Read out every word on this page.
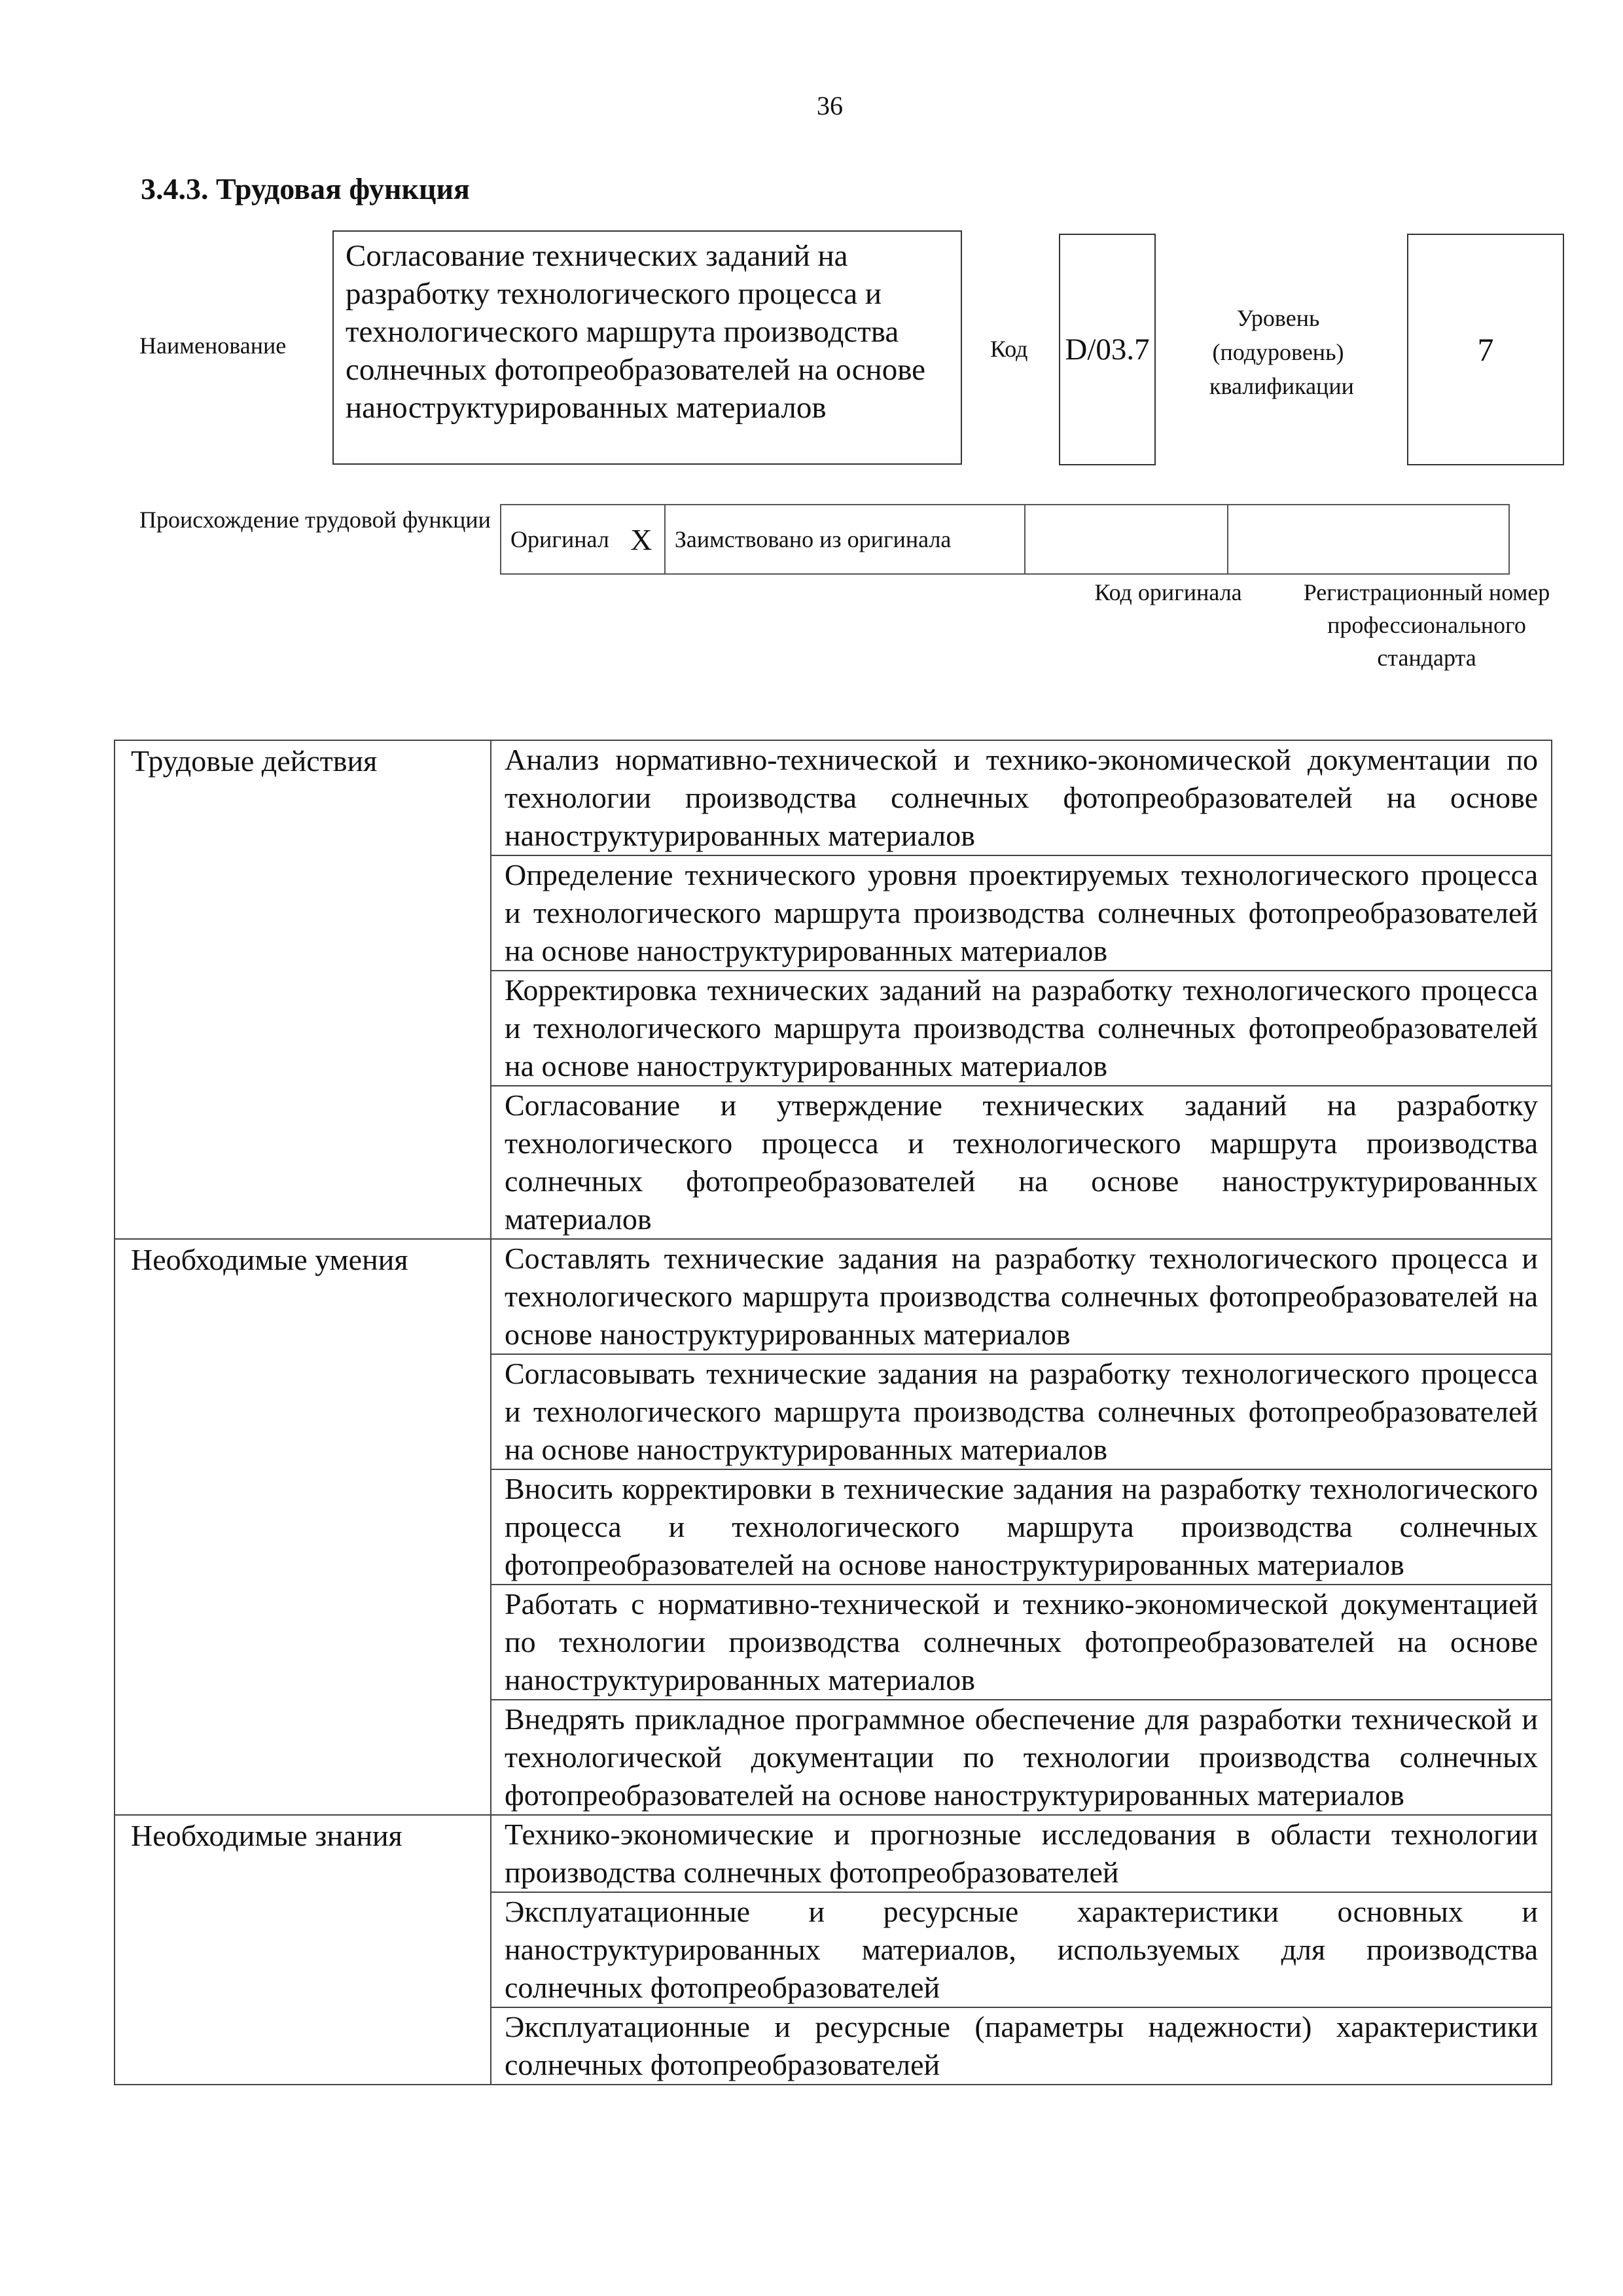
36
3.4.3. Трудовая функция
Наименование
Согласование технических заданий на разработку технологического процесса и технологического маршрута производства солнечных фотопреобразователей на основе наноструктурированных материалов
Код D/03.7
Уровень (подуровень) квалификации
7
Происхождение трудовой функции
Оригинал	X	Заимствовано из оригинала		
Код оригинала	Регистрационный номер профессионального стандарта
Трудовые действия	Анализ нормативно-технической и технико-экономической документации по технологии производства солнечных фотопреобразователей на основе наноструктурированных материалов
	Определение технического уровня проектируемых технологического процесса и технологического маршрута производства солнечных фотопреобразователей на основе наноструктурированных материалов
	Корректировка технических заданий на разработку технологического процесса и технологического маршрута производства солнечных фотопреобразователей на основе наноструктурированных материалов
	Согласование и утверждение технических заданий на разработку технологического процесса и технологического маршрута производства солнечных фотопреобразователей на основе наноструктурированных материалов
Необходимые умения	Составлять технические задания на разработку технологического процесса и технологического маршрута производства солнечных фотопреобразователей на основе наноструктурированных материалов
	Согласовывать технические задания на разработку технологического процесса и технологического маршрута производства солнечных фотопреобразователей на основе наноструктурированных материалов
	Вносить корректировки в технические задания на разработку технологического процесса и технологического маршрута производства солнечных фотопреобразователей на основе наноструктурированных материалов
	Работать с нормативно-технической и технико-экономической документацией по технологии производства солнечных фотопреобразователей на основе наноструктурированных материалов
	Внедрять прикладное программное обеспечение для разработки технической и технологической документации по технологии производства солнечных фотопреобразователей на основе наноструктурированных материалов
Необходимые знания	Технико-экономические и прогнозные исследования в области технологии производства солнечных фотопреобразователей
	Эксплуатационные и ресурсные характеристики основных и наноструктурированных материалов, используемых для производства солнечных фотопреобразователей
	Эксплуатационные и ресурсные (параметры надежности) характеристики солнечных фотопреобразователей
